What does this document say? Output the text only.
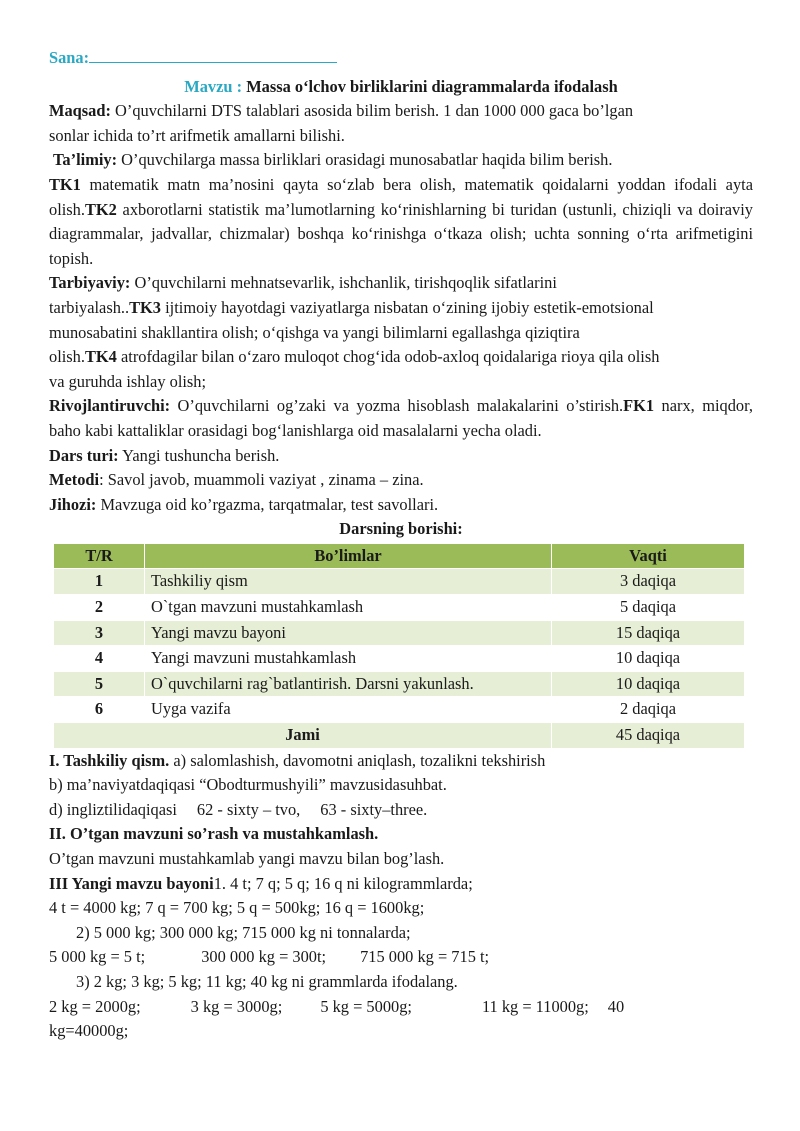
Sana:

Mavzu : Massa o‘lchov birliklarini diagrammalarda ifodalash

Maqsad: O’quvchilarni DTS talablari asosida bilim berish. 1 dan 1000 000 gaca bo’lgan

sonlar ichida to’rt arifmetik amallarni bilishi.

Ta’limiy: O’quvchilarga massa birliklari orasidagi munosabatlar haqida bilim berish.

TK1 matematik matn ma’nosini qayta so‘zlab bera olish, matematik qoidalarni yoddan ifodali ayta olish.TK2 axborotlarni statistik ma’lumotlarning ko‘rinishlarning bi turidan (ustunli, chiziqli va doiraviy diagrammalar, jadvallar, chizmalar) boshqa ko‘rinishga o‘tkaza olish; uchta sonning o‘rta arifmetigini topish.

Tarbiyaviy: O’quvchilarni mehnatsevarlik, ishchanlik, tirishqoqlik sifatlarini

tarbiyalash..TK3 ijtimoiy hayotdagi vaziyatlarga nisbatan o‘zining ijobiy estetik-emotsional

munosabatini shakllantira olish; o‘qishga va yangi bilimlarni egallashga qiziqtira

olish.TK4 atrofdagilar bilan o‘zaro muloqot chog‘ida odob-axloq qoidalariga rioya qila olish

va guruhda ishlay olish;

Rivojlantiruvchi: O’quvchilarni og’zaki va yozma hisoblash malakalarini o’stirish.FK1 narx, miqdor, baho kabi kattaliklar orasidagi bog‘lanishlarga oid masalalarni yecha oladi.

Dars turi: Yangi tushuncha berish.

Metodi: Savol javob, muammoli vaziyat , zinama – zina.

Jihozi: Mavzuga oid ko’rgazma, tarqatmalar, test savollari.

Darsning borishi:

T/R	Bo’limlar	Vaqti
1	Tashkiliy qism	3 daqiqa
2	O`tgan mavzuni mustahkamlash	5 daqiqa
3	Yangi mavzu bayoni	15 daqiqa
4	Yangi mavzuni mustahkamlash	10 daqiqa
5	O`quvchilarni rag`batlantirish. Darsni yakunlash.	10 daqiqa
6	Uyga vazifa	2 daqiqa
Jami		45 daqiqa

I. Tashkiliy qism. a) salomlashish, davomotni aniqlash, tozalikni tekshirish

b) ma’naviyatdaqiqasi “Obodturmushyili” mavzusidasuhbat.

d) ingliztilidaqiqasi 62 - sixty – tvo, 63 - sixty–three.

II. O’tgan mavzuni so’rash va mustahkamlash.

O’tgan mavzuni mustahkamlab yangi mavzu bilan bog’lash.

III Yangi mavzu bayoni1. 4 t; 7 q; 5 q; 16 q ni kilogrammlarda;

4 t = 4000 kg; 7 q = 700 kg; 5 q = 500kg; 16 q = 1600kg;

2) 5 000 kg; 300 000 kg; 715 000 kg ni tonnalarda;

5 000 kg = 5 t;	300 000 kg = 300t; 715 000 kg = 715 t;

3) 2 kg; 3 kg; 5 kg; 11 kg; 40 kg ni grammlarda ifodalang.

2 kg = 2000g;	3 kg = 3000g; 5 kg = 5000g;	11 kg = 11000g; 40

kg=40000g;
